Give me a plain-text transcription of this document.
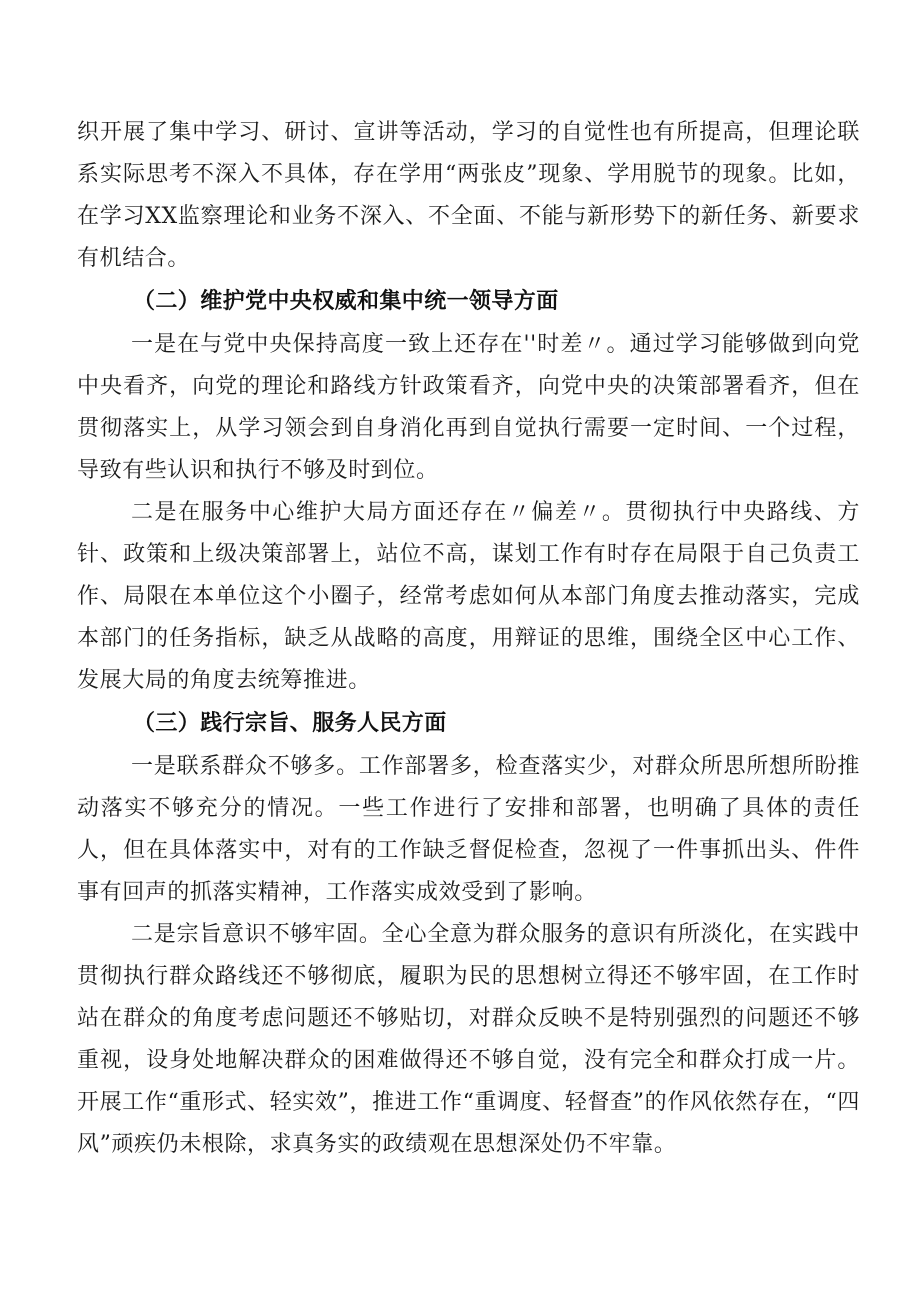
织开展了集中学习、研讨、宣讲等活动，学习的自觉性也有所提高，但理论联系实际思考不深入不具体，存在学用“两张皮”现象、学用脱节的现象。比如，在学习XX监察理论和业务不深入、不全面、不能与新形势下的新任务、新要求有机结合。

（二）维护党中央权威和集中统一领导方面

一是在与党中央保持高度一致上还存在''时差〃。通过学习能够做到向党中央看齐，向党的理论和路线方针政策看齐，向党中央的决策部署看齐，但在贯彻落实上，从学习领会到自身消化再到自觉执行需要一定时间、一个过程，导致有些认识和执行不够及时到位。

二是在服务中心维护大局方面还存在〃偏差〃。贯彻执行中央路线、方针、政策和上级决策部署上，站位不高，谋划工作有时存在局限于自己负责工作、局限在本单位这个小圈子，经常考虑如何从本部门角度去推动落实，完成本部门的任务指标，缺乏从战略的高度，用辩证的思维，围绕全区中心工作、发展大局的角度去统筹推进。

（三）践行宗旨、服务人民方面

一是联系群众不够多。工作部署多，检查落实少，对群众所思所想所盼推动落实不够充分的情况。一些工作进行了安排和部署，也明确了具体的责任人，但在具体落实中，对有的工作缺乏督促检查，忽视了一件事抓出头、件件事有回声的抓落实精神，工作落实成效受到了影响。

二是宗旨意识不够牢固。全心全意为群众服务的意识有所淡化，在实践中贯彻执行群众路线还不够彻底，履职为民的思想树立得还不够牢固，在工作时站在群众的角度考虑问题还不够贴切，对群众反映不是特别强烈的问题还不够重视，设身处地解决群众的困难做得还不够自觉，没有完全和群众打成一片。开展工作“重形式、轻实效”，推进工作“重调度、轻督查”的作风依然存在，“四风”顽疾仍未根除，求真务实的政绩观在思想深处仍不牢靠。
